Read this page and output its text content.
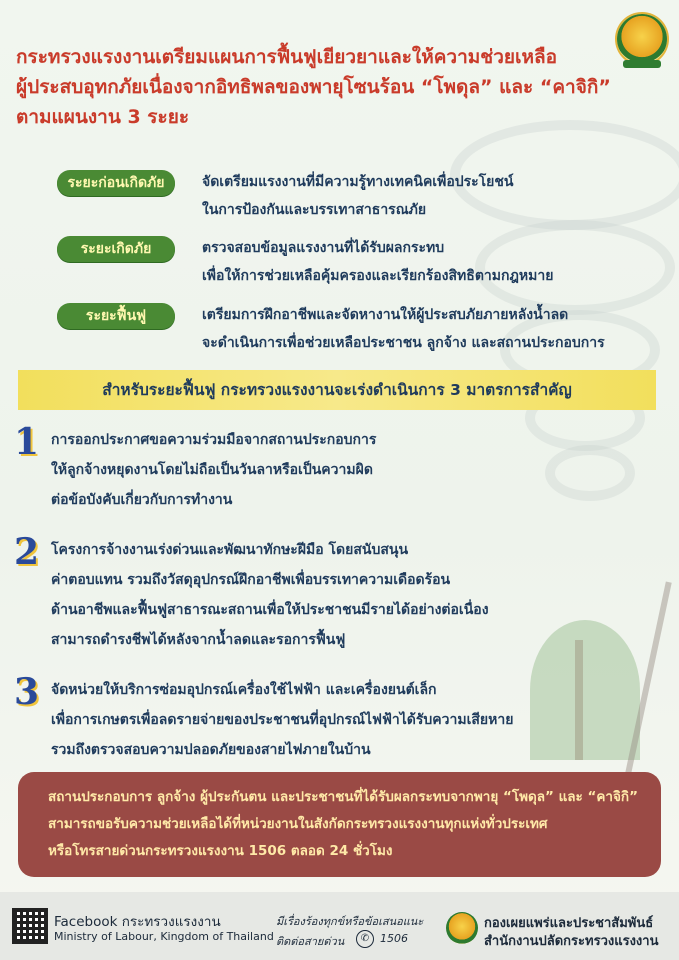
กระทรวงแรงงานเตรียมแผนการฟื้นฟูเยียวยาและให้ความช่วยเหลือ
ผู้ประสบอุทกภัยเนื่องจากอิทธิพลของพายุโซนร้อน “โพดุล” และ “คาจิกิ”
ตามแผนงาน 3 ระยะ
ระยะก่อนเกิดภัย	จัดเตรียมแรงงานที่มีความรู้ทางเทคนิคเพื่อประโยชน์
ในการป้องกันและบรรเทาสาธารณภัย
ระยะเกิดภัย	ตรวจสอบข้อมูลแรงงานที่ได้รับผลกระทบ
เพื่อให้การช่วยเหลือคุ้มครองและเรียกร้องสิทธิตามกฎหมาย
ระยะฟื้นฟู	เตรียมการฝึกอาชีพและจัดหางานให้ผู้ประสบภัยภายหลังน้ำลด
จะดำเนินการเพื่อช่วยเหลือประชาชน ลูกจ้าง และสถานประกอบการ
สำหรับระยะฟื้นฟู กระทรวงแรงงานจะเร่งดำเนินการ 3 มาตรการสำคัญ
1 การออกประกาศขอความร่วมมือจากสถานประกอบการ
ให้ลูกจ้างหยุดงานโดยไม่ถือเป็นวันลาหรือเป็นความผิด
ต่อข้อบังคับเกี่ยวกับการทำงาน
2 โครงการจ้างงานเร่งด่วนและพัฒนาทักษะฝีมือ โดยสนับสนุน
ค่าตอบแทน รวมถึงวัสดุอุปกรณ์ฝึกอาชีพเพื่อบรรเทาความเดือดร้อน
ด้านอาชีพและฟื้นฟูสาธารณะสถานเพื่อให้ประชาชนมีรายได้อย่างต่อเนื่อง
สามารถดำรงชีพได้หลังจากน้ำลดและรอการฟื้นฟู
3 จัดหน่วยให้บริการซ่อมอุปกรณ์เครื่องใช้ไฟฟ้า และเครื่องยนต์เล็ก
เพื่อการเกษตรเพื่อลดรายจ่ายของประชาชนที่อุปกรณ์ไฟฟ้าได้รับความเสียหาย
รวมถึงตรวจสอบความปลอดภัยของสายไฟภายในบ้าน
สถานประกอบการ ลูกจ้าง ผู้ประกันตน และประชาชนที่ได้รับผลกระทบจากพายุ “โพดุล” และ “คาจิกิ”
สามารถขอรับความช่วยเหลือได้ที่หน่วยงานในสังกัดกระทรวงแรงงานทุกแห่งทั่วประเทศ
หรือโทรสายด่วนกระทรวงแรงงาน 1506 ตลอด 24 ชั่วโมง
Facebook กระทรวงแรงงาน
Ministry of Labour, Kingdom of Thailand
มีเรื่องร้องทุกข์หรือข้อเสนอแนะ
ติดต่อสายด่วน	✆ 1506
กองเผยแพร่และประชาสัมพันธ์
สำนักงานปลัดกระทรวงแรงงาน
